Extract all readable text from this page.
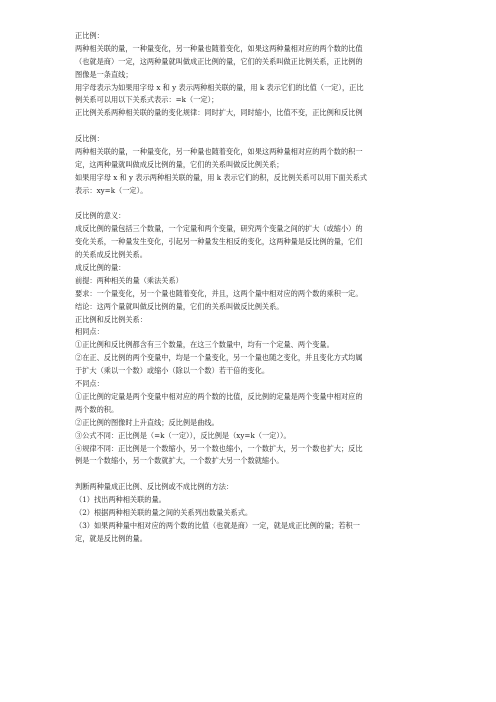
正比例：
两种相关联的量，一种量变化，另一种量也随着变化，如果这两种量相对应的两个数的比值
（也就是商）一定，这两种量就叫做成正比例的量，它们的关系叫做正比例关系，正比例的
图像是一条直线；
用字母表示为如果用字母 x 和 y 表示两种相关联的量，用 k 表示它们的比值（一定），正比
例关系可以用以下关系式表示：=k（一定）；
正比例关系两种相关联的量的变化规律：同时扩大，同时缩小，比值不变，正比例和反比例
反比例：
两种相关联的量，一种量变化，另一种量也随着变化，如果这两种量相对应的两个数的积一
定，这两种量就叫做成反比例的量，它们的关系叫做反比例关系；
如果用字母 x 和 y 表示两种相关联的量，用 k 表示它们的积，反比例关系可以用下面关系式
表示：xy=k（一定）。
反比例的意义：
成反比例的量包括三个数量，一个定量和两个变量，研究两个变量之间的扩大（或缩小）的
变化关系，一种量发生变化，引起另一种量发生相反的变化，这两种量是反比例的量，它们
的关系成反比例关系。
成反比例的量：
前提：两种相关的量（乘法关系）
要求：一个量变化，另一个量也随着变化，并且，这两个量中相对应的两个数的乘积一定。
结论：这两个量就叫做反比例的量，它们的关系叫做反比例关系。
正比例和反比例关系：
相同点：
①正比例和反比例都含有三个数量，在这三个数量中，均有一个定量、两个变量。
②在正、反比例的两个变量中，均是一个量变化，另一个量也随之变化，并且变化方式均属
于扩大（乘以一个数）或缩小（除以一个数）若干倍的变化。
不同点：
①正比例的定量是两个变量中相对应的两个数的比值，反比例的定量是两个变量中相对应的
两个数的积。
②正比例的图像时上升直线；反比例是曲线。
③公式不同：正比例是（=k（一定）），反比例是（xy=k（一定））。
④规律不同：正比例是一个数缩小，另一个数也缩小，一个数扩大，另一个数也扩大；反比
例是一个数缩小，另一个数就扩大，一个数扩大另一个数就缩小。
判断两种量成正比例、反比例或不成比例的方法：
（1）找出两种相关联的量。
（2）根据两种相关联的量之间的关系列出数量关系式。
（3）如果两种量中相对应的两个数的比值（也就是商）一定，就是成正比例的量；若积一
定，就是反比例的量。
